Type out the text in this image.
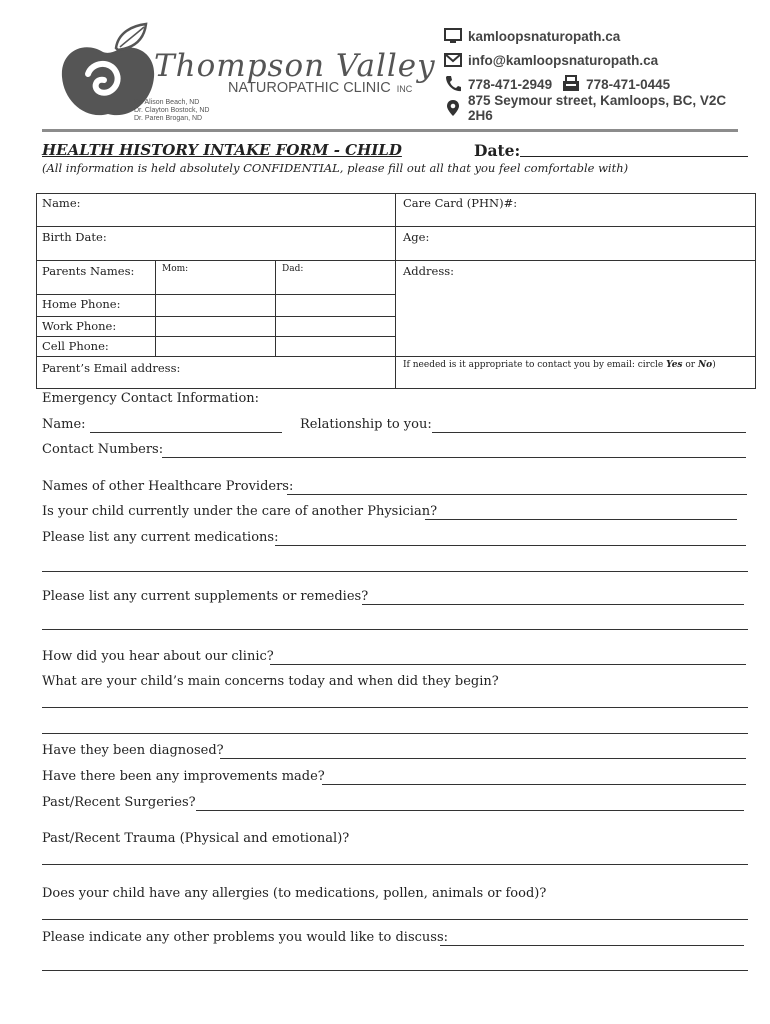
Thompson Valley
NATUROPATHIC CLINIC INC
Dr. Alison Beach, ND
Dr. Clayton Bostock, ND
Dr. Paren Brogan, ND
kamloopsnaturopath.ca
info@kamloopsnaturopath.ca
778-471-2949	778-471-0445
875 Seymour street, Kamloops, BC, V2C 2H6
HEALTH HISTORY INTAKE FORM - CHILD	Date:
(All information is held absolutely CONFIDENTIAL, please fill out all that you feel comfortable with)
Name:	Care Card (PHN)#:
Birth Date:	Age:
Parents Names:	Mom:	Dad:	Address:
Home Phone:
Work Phone:
Cell Phone:
Parent’s Email address:	If needed is it appropriate to contact you by email: circle Yes or No)
Emergency Contact Information:
Name:	Relationship to you:
Contact Numbers:
Names of other Healthcare Providers:
Is your child currently under the care of another Physician?
Please list any current medications:
Please list any current supplements or remedies?
How did you hear about our clinic?
What are your child’s main concerns today and when did they begin?
Have they been diagnosed?
Have there been any improvements made?
Past/Recent Surgeries?
Past/Recent Trauma (Physical and emotional)?
Does your child have any allergies (to medications, pollen, animals or food)?
Please indicate any other problems you would like to discuss:
